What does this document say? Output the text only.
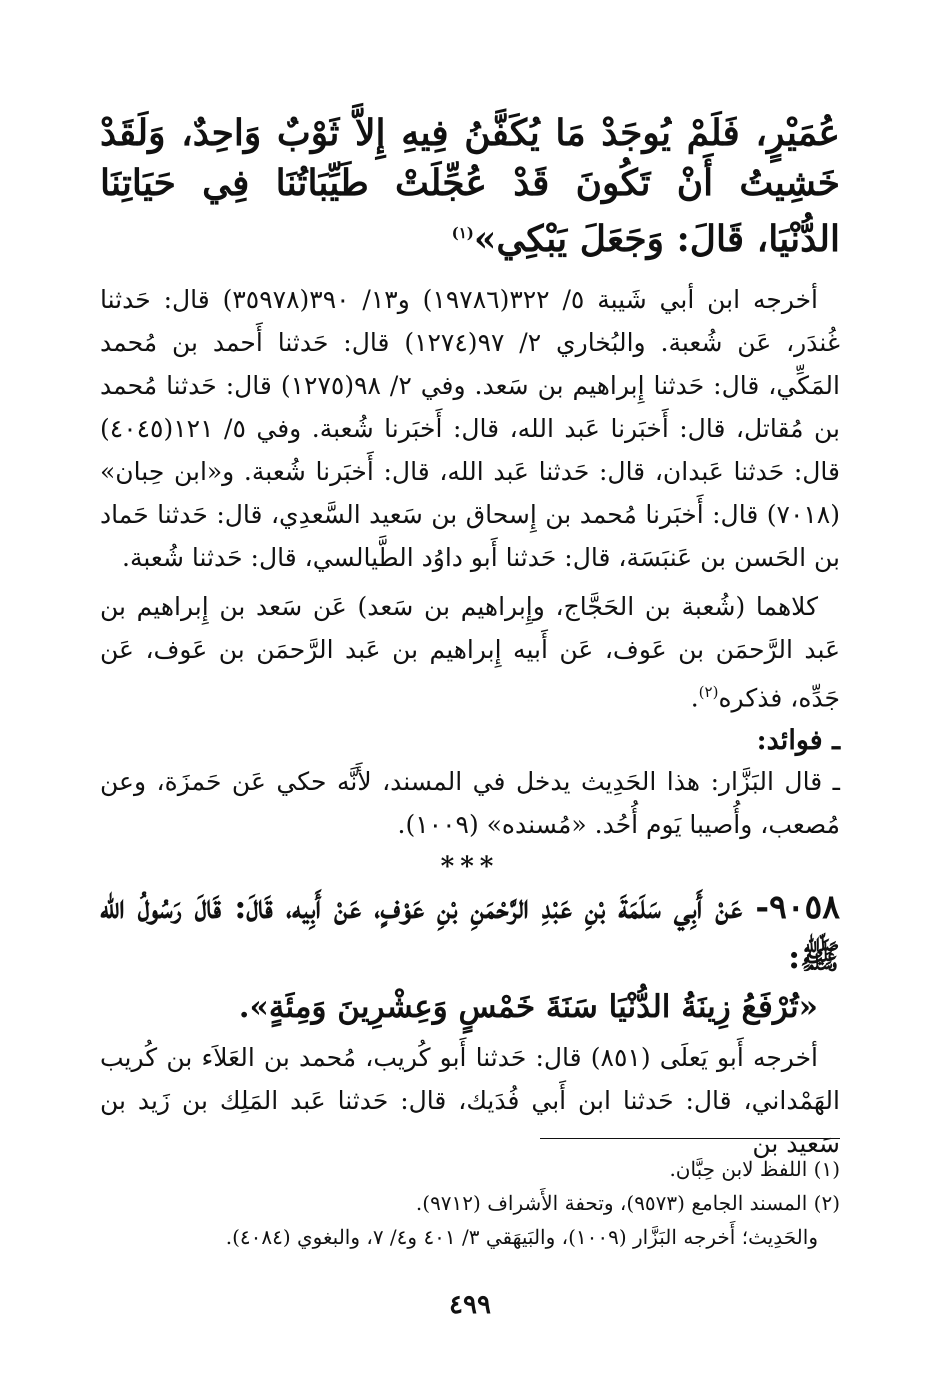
عُمَيْرٍ، فَلَمْ يُوجَدْ مَا يُكَفَّنُ فِيهِ إِلاَّ ثَوْبٌ وَاحِدٌ، وَلَقَدْ خَشِيتُ أَنْ تَكُونَ قَدْ عُجِّلَتْ طَيِّبَاتُنَا فِي حَيَاتِنَا الدُّنْيَا، قَالَ: وَجَعَلَ يَبْكِي»$^{(١)}$

أخرجه ابن أبي شَيبة ٥/ ٣٢٢(١٩٧٨٦) و١٣/ ٣٩٠(٣٥٩٧٨) قال: حَدثنا غُندَر، عَن شُعبة. والبُخاري ٢/ ٩٧(١٢٧٤) قال: حَدثنا أَحمد بن مُحمد المَكِّي، قال: حَدثنا إِبراهيم بن سَعد. وفي ٢/ ٩٨(١٢٧٥) قال: حَدثنا مُحمد بن مُقاتل، قال: أَخبَرنا عَبد الله، قال: أَخبَرنا شُعبة. وفي ٥/ ١٢١(٤٠٤٥) قال: حَدثنا عَبدان، قال: حَدثنا عَبد الله، قال: أَخبَرنا شُعبة. و«ابن حِبان» (٧٠١٨) قال: أَخبَرنا مُحمد بن إِسحاق بن سَعيد السَّعدِي، قال: حَدثنا حَماد بن الحَسن بن عَنبَسَة، قال: حَدثنا أَبو داوُد الطَّيالسي، قال: حَدثنا شُعبة.

كلاهما (شُعبة بن الحَجَّاج، وإِبراهيم بن سَعد) عَن سَعد بن إِبراهيم بن عَبد الرَّحمَن بن عَوف، عَن أَبيه إِبراهيم بن عَبد الرَّحمَن بن عَوف، عَن جَدِّه، فذكره$^{(٢)}$.

ـ فوائد:

ـ قال البَزَّار: هذا الحَدِيث يدخل في المسند، لأَنَّه حكي عَن حَمزَة، وعن مُصعب، وأُصيبا يَوم أُحُد. «مُسنده» (١٠٠٩).

***

٩٠٥٨- عَنْ أَبِي سَلَمَةَ بْنِ عَبْدِ الرَّحْمَنِ بْنِ عَوْفٍ، عَنْ أَبِيه، قَالَ: قَالَ رَسُولُ الله ﷺ:

«تُرْفَعُ زِينَةُ الدُّنْيَا سَنَةَ خَمْسٍ وَعِشْرِينَ وَمِئَةٍ».

أخرجه أَبو يَعلَى (٨٥١) قال: حَدثنا أَبو كُريب، مُحمد بن العَلاَء بن كُريب الهَمْداني، قال: حَدثنا ابن أَبي فُدَيك، قال: حَدثنا عَبد المَلِك بن زَيد بن سَعيد بن

(١) اللفظ لابن حِبَّان.

(٢) المسند الجامع (٩٥٧٣)، وتحفة الأَشراف (٩٧١٢).

والحَدِيث؛ أَخرجه البَزَّار (١٠٠٩)، والبَيهَقي ٣/ ٤٠١ و٤/ ٧، والبغوي (٤٠٨٤).

٤٩٩
